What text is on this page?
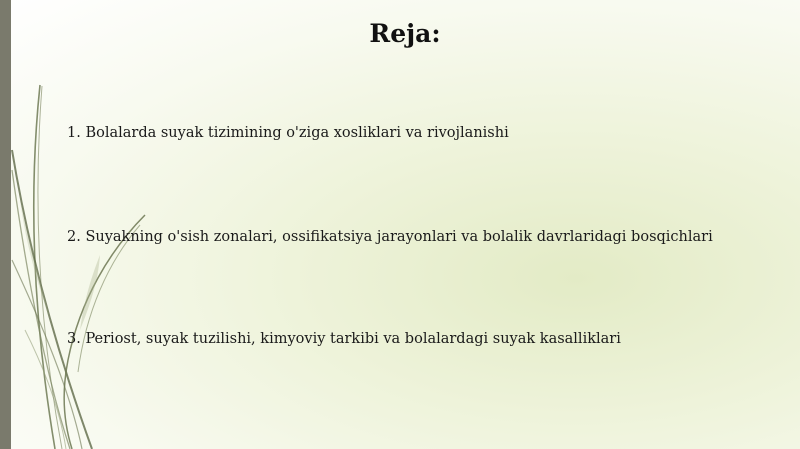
Reja:
1. Bolalarda suyak tizimining o'ziga xosliklari va rivojlanishi
2. Suyakning o'sish zonalari, ossifikatsiya jarayonlari va bolalik davrlaridagi bosqichlari
3. Periost, suyak tuzilishi, kimyoviy tarkibi va bolalardagi suyak kasalliklari
